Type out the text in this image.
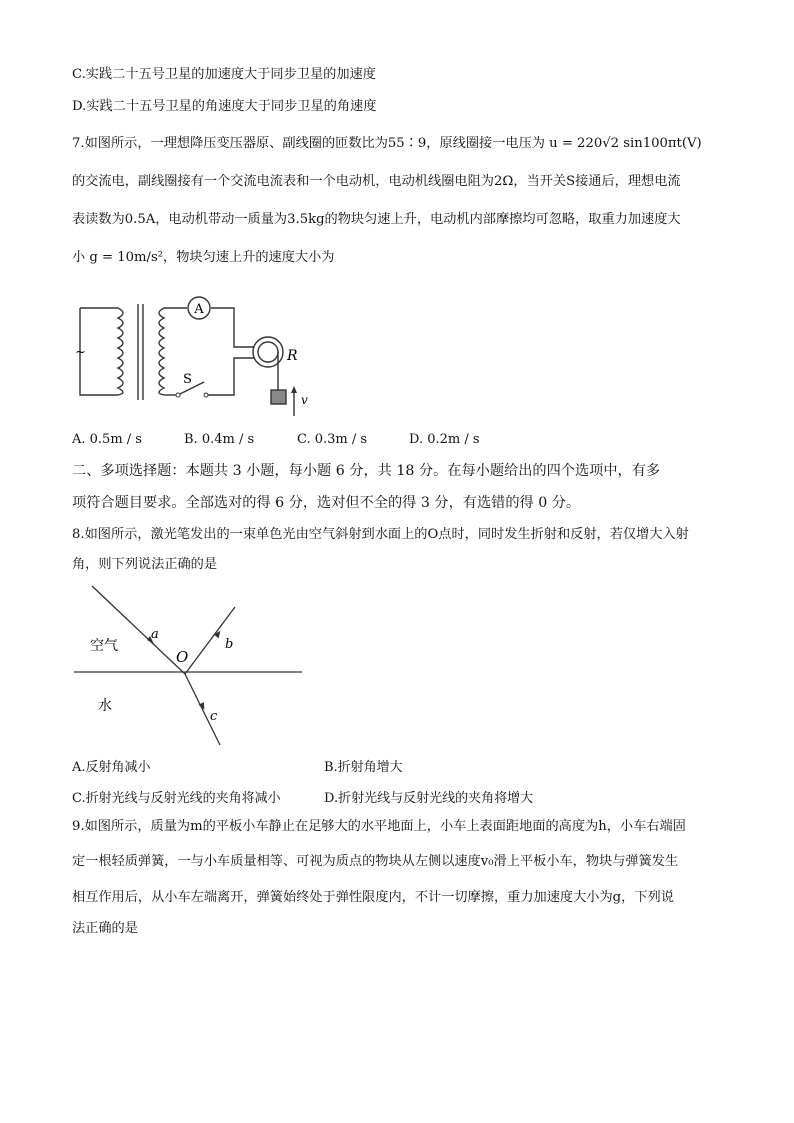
C.实践二十五号卫星的加速度大于同步卫星的加速度
D.实践二十五号卫星的角速度大于同步卫星的角速度
7.如图所示，一理想降压变压器原、副线圈的匝数比为55∶9，原线圈接一电压为 u = 220√2 sin100πt(V)
的交流电，副线圈接有一个交流电流表和一个电动机，电动机线圈电阻为2Ω，当开关S接通后，理想电流
表读数为0.5A，电动机带动一质量为3.5kg的物块匀速上升，电动机内部摩擦均可忽略，取重力加速度大
小 g = 10m/s²，物块匀速上升的速度大小为
A
R
S
v
~
A. 0.5m / s	B. 0.4m / s	C. 0.3m / s	D. 0.2m / s
二、多项选择题：本题共 3 小题，每小题 6 分，共 18 分。在每小题给出的四个选项中，有多
项符合题目要求。全部选对的得 6 分，选对但不全的得 3 分，有选错的得 0 分。
8.如图所示，激光笔发出的一束单色光由空气斜射到水面上的O点时，同时发生折射和反射，若仅增大入射
角，则下列说法正确的是
空气
水
O
a
b
c
A.反射角减小	B.折射角增大
C.折射光线与反射光线的夹角将减小	D.折射光线与反射光线的夹角将增大
9.如图所示，质量为m的平板小车静止在足够大的水平地面上，小车上表面距地面的高度为h，小车右端固
定一根轻质弹簧，一与小车质量相等、可视为质点的物块从左侧以速度v₀滑上平板小车，物块与弹簧发生
相互作用后，从小车左端离开，弹簧始终处于弹性限度内，不计一切摩擦，重力加速度大小为g，下列说
法正确的是
